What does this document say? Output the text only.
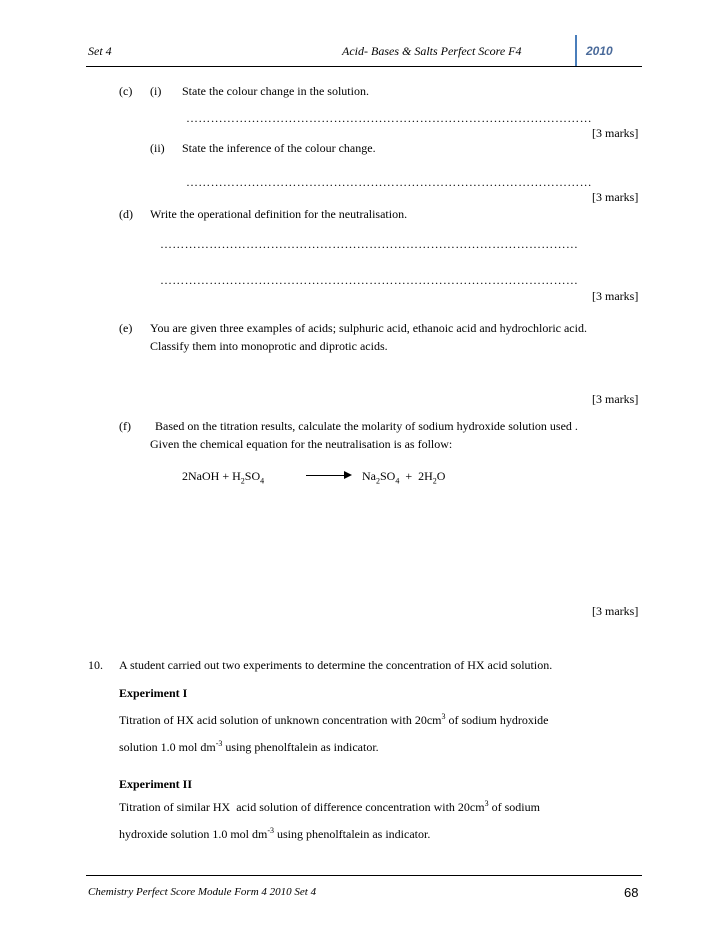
Set 4	Acid- Bases & Salts Perfect Score F4	2010
(c) (i) State the colour change in the solution.
………………………………………………………………………………………
[3 marks]
(ii) State the inference of the colour change.
………………………………………………………………………………………
[3 marks]
(d) Write the operational definition for the neutralisation.
…………………………………………………………………………………………
…………………………………………………………………………………………
[3 marks]
(e) You are given three examples of acids; sulphuric acid, ethanoic acid and hydrochloric acid.
Classify them into monoprotic and diprotic acids.
[3 marks]
(f) Based on the titration results, calculate the molarity of sodium hydroxide solution used .
Given the chemical equation for the neutralisation is as follow:
2NaOH + $H_2SO_4$	$Na_2SO_4 + 2H_2O$
[3 marks]
10. A student carried out two experiments to determine the concentration of HX acid solution.
Experiment I
Titration of HX acid solution of unknown concentration with $20cm^3$ of sodium hydroxide
solution 1.0 mol $dm^{-3}$ using phenolftalein as indicator.
Experiment II
Titration of similar HX  acid solution of difference concentration with $20cm^3$ of sodium
hydroxide solution 1.0 mol $dm^{-3}$ using phenolftalein as indicator.
Chemistry Perfect Score Module Form 4 2010 Set 4	68
